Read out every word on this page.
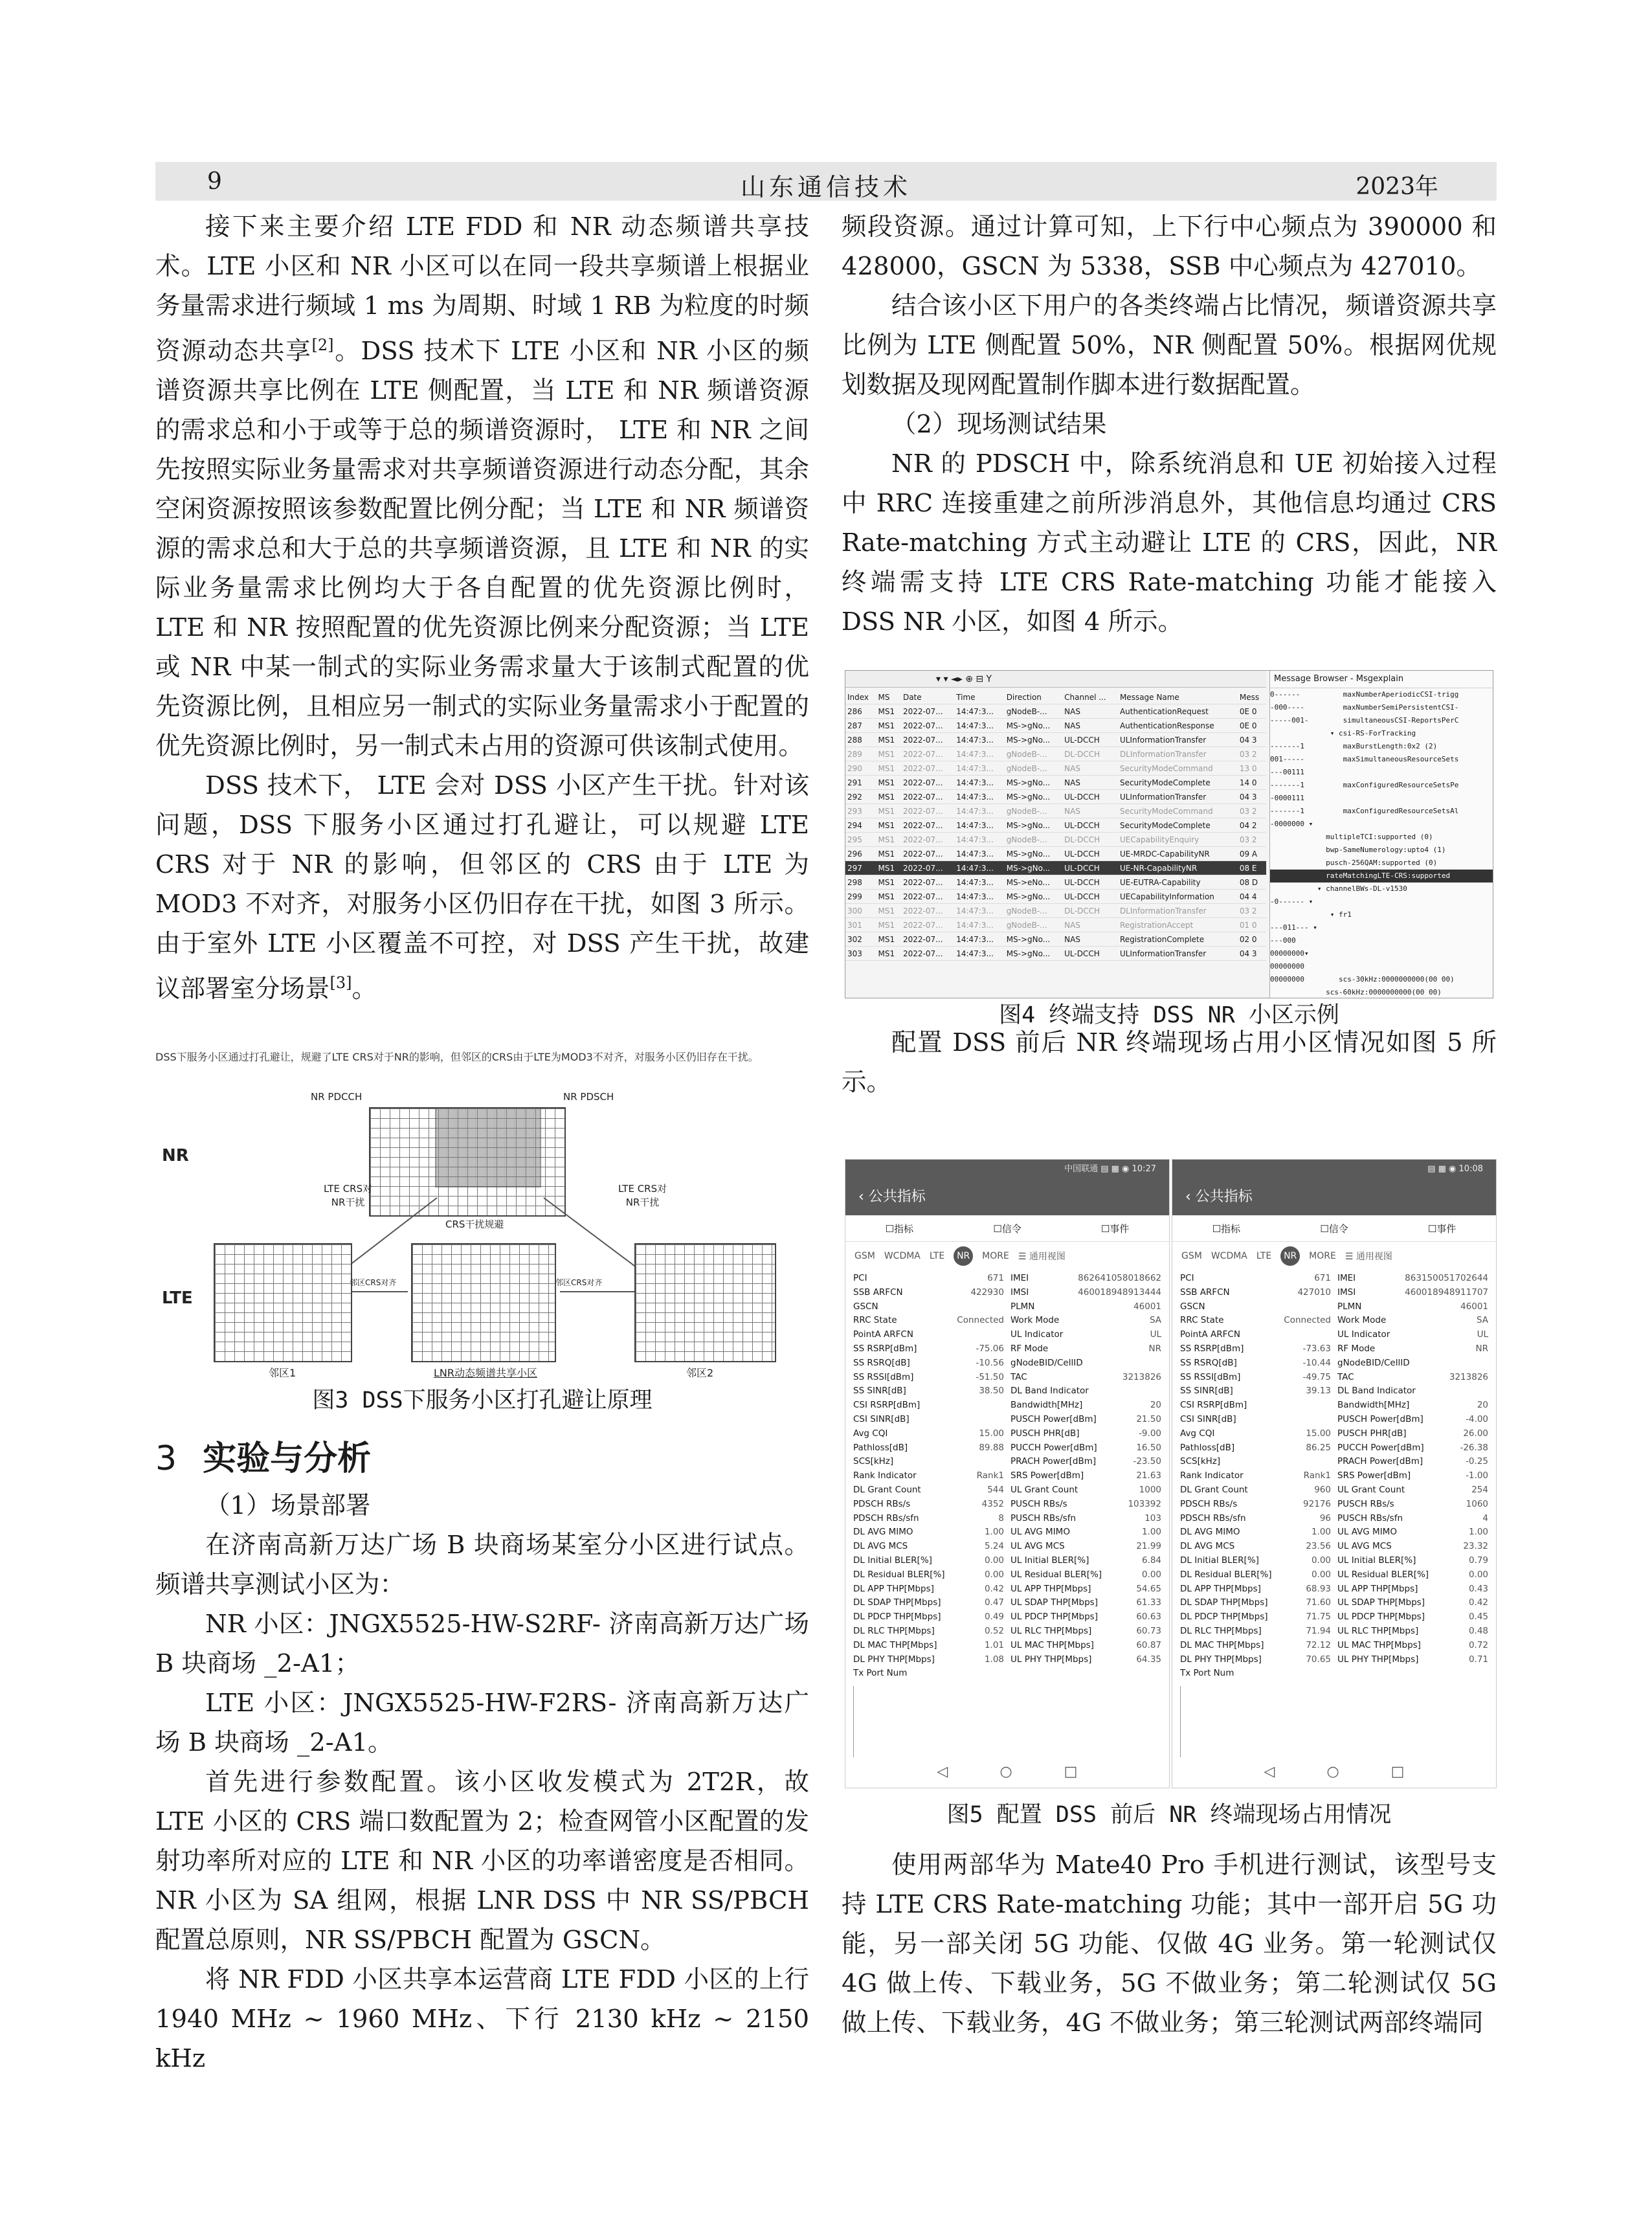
9	山东通信技术	2023年

接下来主要介绍 LTE FDD 和 NR 动态频谱共享技术。LTE 小区和 NR 小区可以在同一段共享频谱上根据业务量需求进行频域 1 ms 为周期、时域 1 RB 为粒度的时频资源动态共享[2]。DSS 技术下 LTE 小区和 NR 小区的频谱资源共享比例在 LTE 侧配置，当 LTE 和 NR 频谱资源的需求总和小于或等于总的频谱资源时， LTE 和 NR 之间先按照实际业务量需求对共享频谱资源进行动态分配，其余空闲资源按照该参数配置比例分配；当 LTE 和 NR 频谱资源的需求总和大于总的共享频谱资源，且 LTE 和 NR 的实际业务量需求比例均大于各自配置的优先资源比例时， LTE 和 NR 按照配置的优先资源比例来分配资源；当 LTE 或 NR 中某一制式的实际业务需求量大于该制式配置的优先资源比例，且相应另一制式的实际业务量需求小于配置的优先资源比例时，另一制式未占用的资源可供该制式使用。

DSS 技术下， LTE 会对 DSS 小区产生干扰。针对该问题，DSS 下服务小区通过打孔避让，可以规避 LTE CRS 对于 NR 的影响，但邻区的 CRS 由于 LTE 为 MOD3 不对齐，对服务小区仍旧存在干扰，如图 3 所示。由于室外 LTE 小区覆盖不可控，对 DSS 产生干扰，故建议部署室分场景[3]。

DSS下服务小区通过打孔避让，规避了LTE CRS对于NR的影响，但邻区的CRS由于LTE为MOD3不对齐，对服务小区仍旧存在干扰。
NR
LTE
NR PDCCH	NR PDSCH
LTE CRS对
NR干扰
LTE CRS对
NR干扰
CRS干扰规避
邻区CRS对齐	邻区CRS对齐
邻区1	LNR动态频谱共享小区	邻区2
图3 DSS下服务小区打孔避让原理
3 实验与分析

（1）场景部署

在济南高新万达广场 B 块商场某室分小区进行试点。频谱共享测试小区为：

NR 小区：JNGX5525-HW-S2RF- 济南高新万达广场 B 块商场 _2-A1；

LTE 小区：JNGX5525-HW-F2RS- 济南高新万达广场 B 块商场 _2-A1。

首先进行参数配置。该小区收发模式为 2T2R，故 LTE 小区的 CRS 端口数配置为 2；检查网管小区配置的发射功率所对应的 LTE 和 NR 小区的功率谱密度是否相同。NR 小区为 SA 组网，根据 LNR DSS 中 NR SS/PBCH 配置总原则，NR SS/PBCH 配置为 GSCN。

将 NR FDD 小区共享本运营商 LTE FDD 小区的上行 1940 MHz ~ 1960 MHz、下行 2130 kHz ~ 2150 kHz

频段资源。通过计算可知，上下行中心频点为 390000 和 428000，GSCN 为 5338，SSB 中心频点为 427010。

结合该小区下用户的各类终端占比情况，频谱资源共享比例为 LTE 侧配置 50%，NR 侧配置 50%。根据网优规划数据及现网配置制作脚本进行数据配置。

（2）现场测试结果

NR 的 PDSCH 中，除系统消息和 UE 初始接入过程中 RRC 连接重建之前所涉消息外，其他信息均通过 CRS Rate-matching 方式主动避让 LTE 的 CRS，因此，NR 终端需支持 LTE CRS Rate-matching 功能才能接入 DSS NR 小区，如图 4 所示。

▾ ▾ ◄▸ ⊕ ⊟ Y
Index	MS	Date	Time	Direction	Channel ...	Message Name	Mess
286	MS1	2022-07...	14:47:3...	gNodeB-...	NAS	AuthenticationRequest	0E 0
287	MS1	2022-07...	14:47:3...	MS->gNo...	NAS	AuthenticationResponse	0E 0
288	MS1	2022-07...	14:47:3...	MS->gNo...	UL-DCCH	ULInformationTransfer	04 3
289	MS1	2022-07...	14:47:3...	gNodeB-...	DL-DCCH	DLInformationTransfer	03 2
290	MS1	2022-07...	14:47:3...	gNodeB-...	NAS	SecurityModeCommand	13 0
291	MS1	2022-07...	14:47:3...	MS->gNo...	NAS	SecurityModeComplete	14 0
292	MS1	2022-07...	14:47:3...	MS->gNo...	UL-DCCH	ULInformationTransfer	04 3
293	MS1	2022-07...	14:47:3...	gNodeB-...	NAS	SecurityModeCommand	03 2
294	MS1	2022-07...	14:47:3...	MS->gNo...	UL-DCCH	SecurityModeComplete	04 2
295	MS1	2022-07...	14:47:3...	gNodeB-...	DL-DCCH	UECapabilityEnquiry	03 2
296	MS1	2022-07...	14:47:3...	MS->gNo...	UL-DCCH	UE-MRDC-CapabilityNR	09 A
297	MS1	2022-07...	14:47:3...	MS->gNo...	UL-DCCH	UE-NR-CapabilityNR	08 E
298	MS1	2022-07...	14:47:3...	MS->eNo...	UL-DCCH	UE-EUTRA-Capability	08 D
299	MS1	2022-07...	14:47:3...	MS->gNo...	UL-DCCH	UECapabilityInformation	04 4
300	MS1	2022-07...	14:47:3...	gNodeB-...	DL-DCCH	DLInformationTransfer	03 2
301	MS1	2022-07...	14:47:3...	gNodeB-...	NAS	RegistrationAccept	01 0
302	MS1	2022-07...	14:47:3...	MS->gNo...	NAS	RegistrationComplete	02 0
303	MS1	2022-07...	14:47:3...	MS->gNo...	UL-DCCH	ULInformationTransfer	04 3
Message Browser - Msgexplain
0------          maxNumberAperiodicCSI-trigg
-000----         maxNumberSemiPersistentCSI-
-----001-        simultaneousCSI-ReportsPerC
▾ csi-RS-ForTracking
-------1         maxBurstLength:0x2 (2)
001-----         maxSimultaneousResourceSets
---00111
-------1         maxConfiguredResourceSetsPe
-0000111
-------1         maxConfiguredResourceSetsAl
-0000000 ▾
multipleTCI:supported (0)
bwp-SameNumerology:upto4 (1)
pusch-256QAM:supported (0)
rateMatchingLTE-CRS:supported
▾ channelBWs-DL-v1530
-0------ ▾
▾ fr1
---011--- ▾
---000
00000000▾
00000000
00000000        scs-30kHz:0000000000(00 00)
scs-60kHz:0000000000(00 00)
图4 终端支持 DSS NR 小区示例

配置 DSS 前后 NR 终端现场占用小区情况如图 5 所示。

中国联通 ▤ ▦ ◉ 10:27
‹ 公共指标
☐指标	☐信令	☐事件
GSM WCDMA LTE	NR	MORE ☰ 通用视图
PCI	671 IMEI	862641058018662
SSB ARFCN	422930 IMSI	460018948913444
GSCN	PLMN	46001
RRC State	Connected Work Mode	SA
PointA ARFCN	UL Indicator	UL
SS RSRP[dBm]	-75.06 RF Mode	NR
SS RSRQ[dB]	-10.56 gNodeBID/CellID
SS RSSI[dBm]	-51.50 TAC	3213826
SS SINR[dB]	38.50 DL Band Indicator
CSI RSRP[dBm]	Bandwidth[MHz]	20
CSI SINR[dB]	PUSCH Power[dBm]	21.50
Avg CQI	15.00 PUSCH PHR[dB]	-9.00
Pathloss[dB]	89.88 PUCCH Power[dBm]	16.50
SCS[kHz]	PRACH Power[dBm]	-23.50
Rank Indicator	Rank1 SRS Power[dBm]	21.63
DL Grant Count	544 UL Grant Count	1000
PDSCH RBs/s	4352 PUSCH RBs/s	103392
PDSCH RBs/sfn	8 PUSCH RBs/sfn	103
DL AVG MIMO	1.00 UL AVG MIMO	1.00
DL AVG MCS	5.24 UL AVG MCS	21.99
DL Initial BLER[%]	0.00 UL Initial BLER[%]	6.84
DL Residual BLER[%]	0.00 UL Residual BLER[%]	0.00
DL APP THP[Mbps]	0.42 UL APP THP[Mbps]	54.65
DL SDAP THP[Mbps]	0.47 UL SDAP THP[Mbps]	61.33
DL PDCP THP[Mbps]	0.49 UL PDCP THP[Mbps]	60.63
DL RLC THP[Mbps]	0.52 UL RLC THP[Mbps]	60.73
DL MAC THP[Mbps]	1.01 UL MAC THP[Mbps]	60.87
DL PHY THP[Mbps]	1.08 UL PHY THP[Mbps]	64.35
Tx Port Num
◁	○	□
▤ ▦ ◉ 10:08
‹ 公共指标
☐指标	☐信令	☐事件
GSM WCDMA LTE	NR	MORE ☰ 通用视图
PCI	671 IMEI	863150051702644
SSB ARFCN	427010 IMSI	460018948911707
GSCN	PLMN	46001
RRC State	Connected Work Mode	SA
PointA ARFCN	UL Indicator	UL
SS RSRP[dBm]	-73.63 RF Mode	NR
SS RSRQ[dB]	-10.44 gNodeBID/CellID
SS RSSI[dBm]	-49.75 TAC	3213826
SS SINR[dB]	39.13 DL Band Indicator
CSI RSRP[dBm]	Bandwidth[MHz]	20
CSI SINR[dB]	PUSCH Power[dBm]	-4.00
Avg CQI	15.00 PUSCH PHR[dB]	26.00
Pathloss[dB]	86.25 PUCCH Power[dBm]	-26.38
SCS[kHz]	PRACH Power[dBm]	-0.25
Rank Indicator	Rank1 SRS Power[dBm]	-1.00
DL Grant Count	960 UL Grant Count	254
PDSCH RBs/s	92176 PUSCH RBs/s	1060
PDSCH RBs/sfn	96 PUSCH RBs/sfn	4
DL AVG MIMO	1.00 UL AVG MIMO	1.00
DL AVG MCS	23.56 UL AVG MCS	23.32
DL Initial BLER[%]	0.00 UL Initial BLER[%]	0.79
DL Residual BLER[%]	0.00 UL Residual BLER[%]	0.00
DL APP THP[Mbps]	68.93 UL APP THP[Mbps]	0.43
DL SDAP THP[Mbps]	71.60 UL SDAP THP[Mbps]	0.42
DL PDCP THP[Mbps]	71.75 UL PDCP THP[Mbps]	0.45
DL RLC THP[Mbps]	71.94 UL RLC THP[Mbps]	0.48
DL MAC THP[Mbps]	72.12 UL MAC THP[Mbps]	0.72
DL PHY THP[Mbps]	70.65 UL PHY THP[Mbps]	0.71
Tx Port Num
◁	○	□
图5 配置 DSS 前后 NR 终端现场占用情况

使用两部华为 Mate40 Pro 手机进行测试，该型号支持 LTE CRS Rate-matching 功能；其中一部开启 5G 功能，另一部关闭 5G 功能、仅做 4G 业务。第一轮测试仅 4G 做上传、下载业务，5G 不做业务；第二轮测试仅 5G 做上传、下载业务，4G 不做业务；第三轮测试两部终端同
